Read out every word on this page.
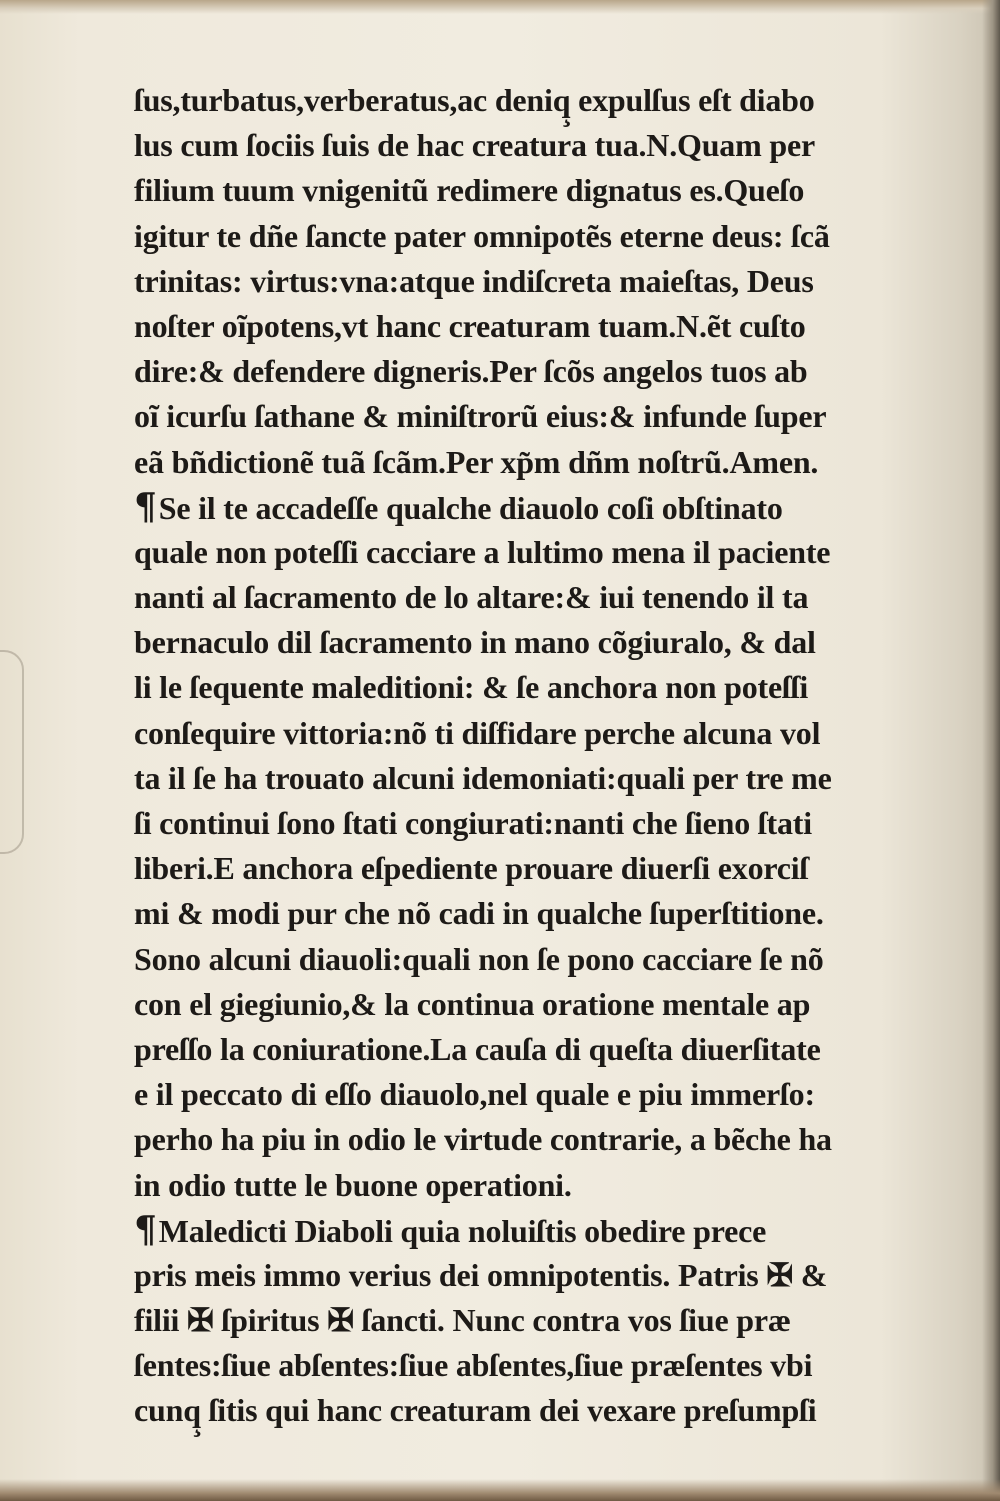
ſus,turbatus,verberatus,ac deniq̧ expulſus eſt diabo
lus cum ſociis ſuis de hac creatura tua.N.Quam per
filium tuum vnigenitũ redimere dignatus es.Queſo
igitur te dñe ſancte pater omnipotẽs eterne deus: ſcã
trinitas: virtus:vna:atque indiſcreta maieſtas, Deus
noſter oĩpotens,vt hanc creaturam tuam.N.ẽt cuſto
dire:& defendere digneris.Per ſcõs angelos tuos ab
oĩ icurſu ſathane & miniſtrorũ eius:& infunde ſuper
eã bñdictionẽ tuã ſcãm.Per xp̃m dñm noſtrũ.Amen.
¶Se il te accadeſſe qualche diauolo coſi obſtinato
quale non poteſſi cacciare a lultimo mena il paciente
nanti al ſacramento de lo altare:& iui tenendo il ta
bernaculo dil ſacramento in mano cõgiuralo, & dal
li le ſequente maleditioni: & ſe anchora non poteſſi
conſequire vittoria:nõ ti diſfidare perche alcuna vol
ta il ſe ha trouato alcuni idemoniati:quali per tre me
ſi continui ſono ſtati congiurati:nanti che ſieno ſtati
liberi.E anchora eſpediente prouare diuerſi exorciſ
mi & modi pur che nõ cadi in qualche ſuperſtitione.
Sono alcuni diauoli:quali non ſe pono cacciare ſe nõ
con el giegiunio,& la continua oratione mentale ap
preſſo la coniuratione.La cauſa di queſta diuerſitate
e il peccato di eſſo diauolo,nel quale e piu immerſo:
perho ha piu in odio le virtude contrarie, a bẽche ha
in odio tutte le buone operationi.
¶Maledicti Diaboli quia noluiſtis obedire prece
pris meis immo verius dei omnipotentis. Patris ✠ &
filii ✠ ſpiritus ✠ ſancti. Nunc contra vos ſiue præ
ſentes:ſiue abſentes:ſiue abſentes,ſiue præſentes vbi
cunq̧ ſitis qui hanc creaturam dei vexare preſumpſi
